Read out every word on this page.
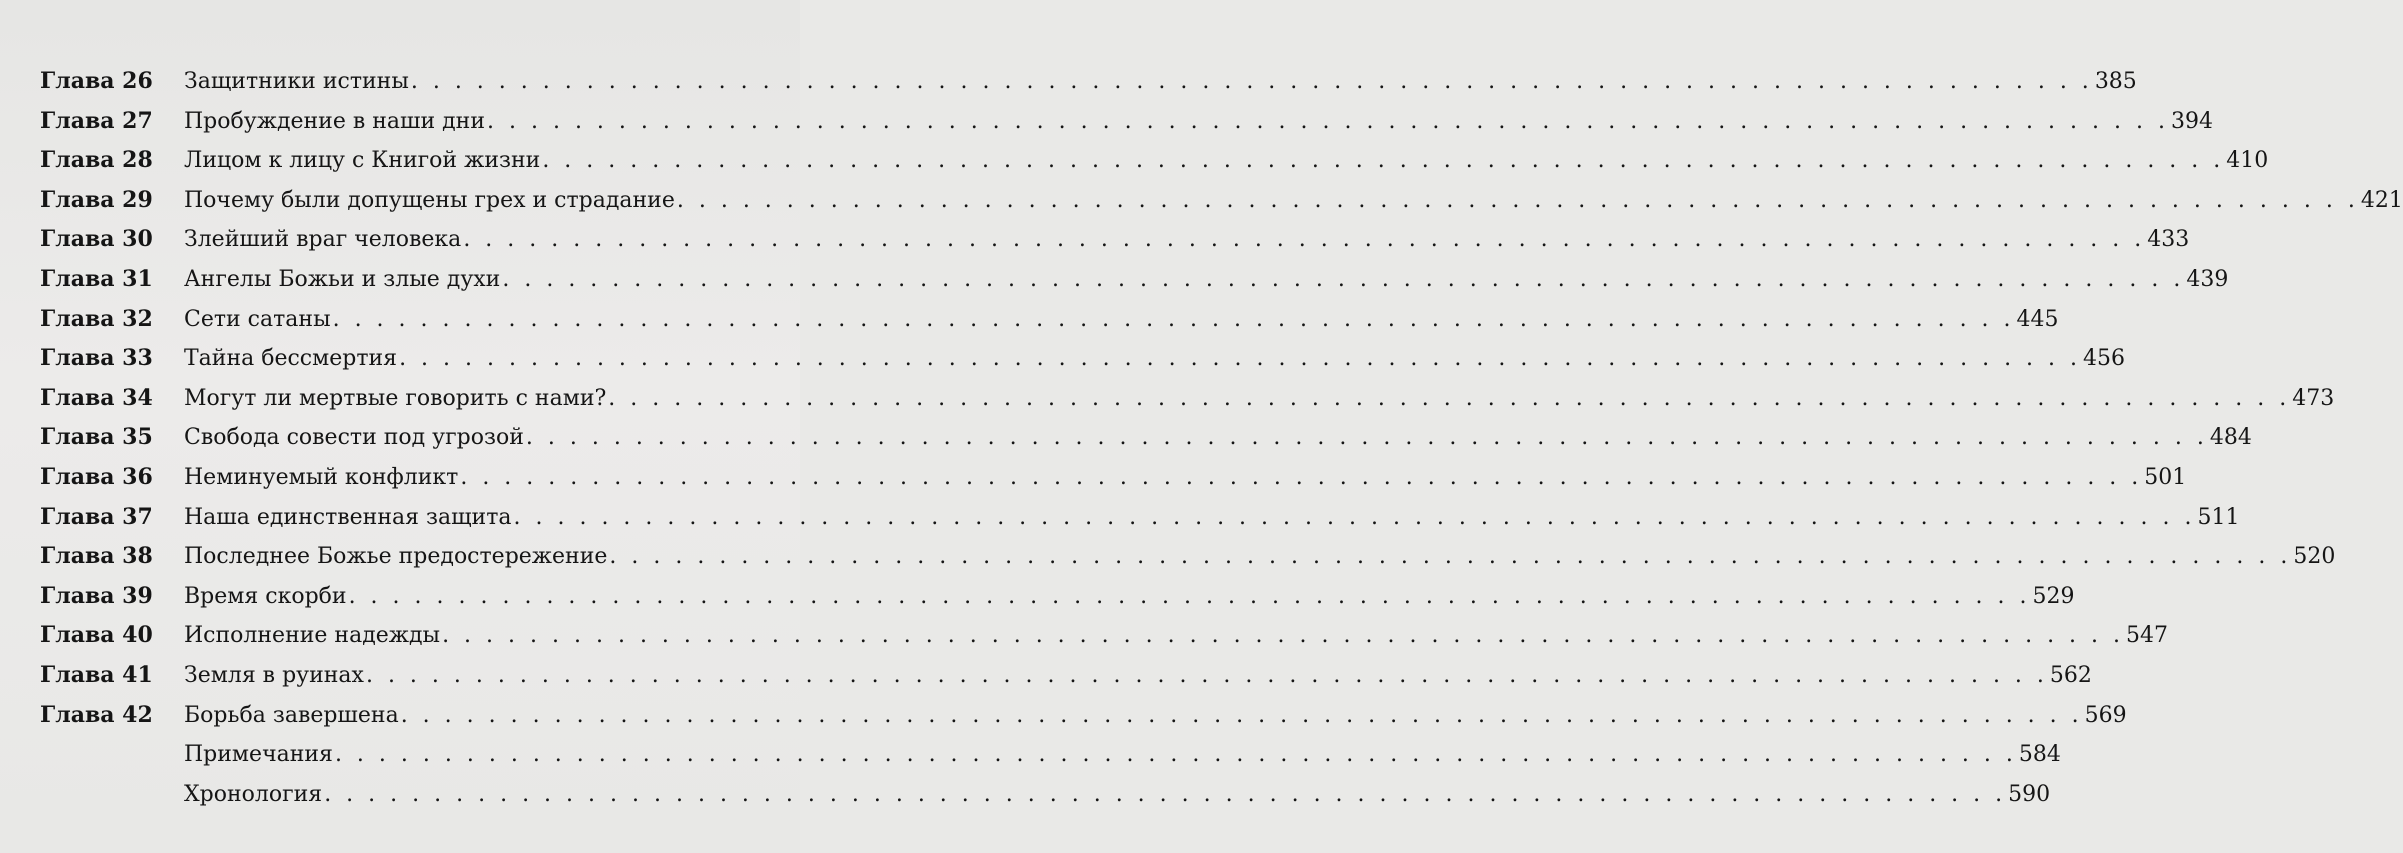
Глава 26	Защитники истины . . .	385
Глава 27	Пробуждение в наши дни . . .	394
Глава 28	Лицом к лицу с Книгой жизни . . .	410
Глава 29	Почему были допущены грех и страдание . . .	421
Глава 30	Злейший враг человека . . .	433
Глава 31	Ангелы Божьи и злые духи . . .	439
Глава 32	Сети сатаны . . .	445
Глава 33	Тайна бессмертия . . .	456
Глава 34	Могут ли мертвые говорить с нами? . . .	473
Глава 35	Свобода совести под угрозой . . .	484
Глава 36	Неминуемый конфликт . . .	501
Глава 37	Наша единственная защита . . .	511
Глава 38	Последнее Божье предостережение . . .	520
Глава 39	Время скорби . . .	529
Глава 40	Исполнение надежды . . .	547
Глава 41	Земля в руинах . . .	562
Глава 42	Борьба завершена . . .	569
Примечания . . .	584
Хронология . . .	590
